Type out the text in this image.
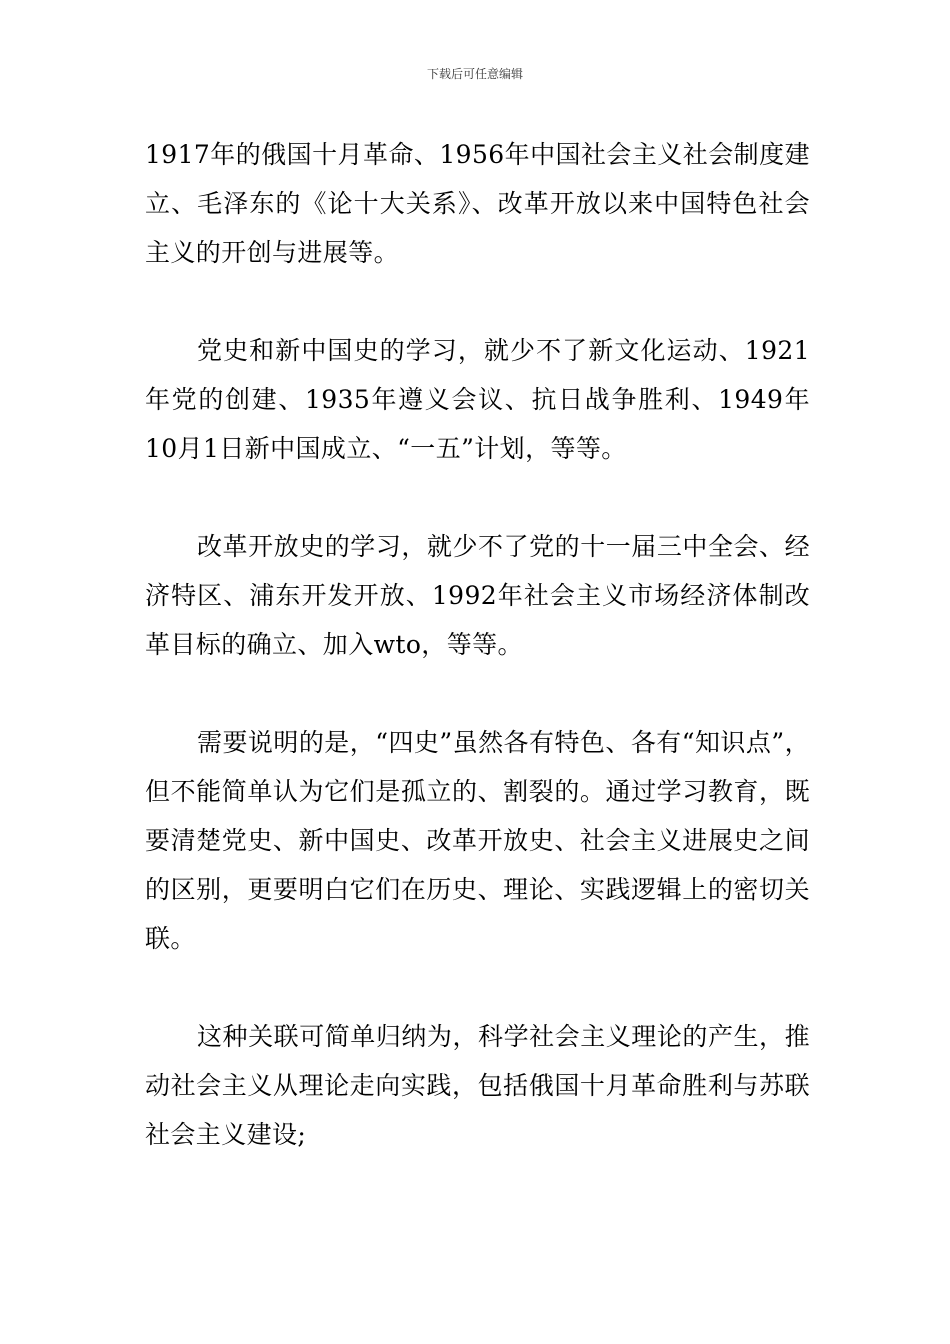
下载后可任意编辑

1917年的俄国十月革命、1956年中国社会主义社会制度建立、毛泽东的《论十大关系》、改革开放以来中国特色社会主义的开创与进展等。

党史和新中国史的学习，就少不了新文化运动、1921年党的创建、1935年遵义会议、抗日战争胜利、1949年10月1日新中国成立、“一五”计划，等等。

改革开放史的学习，就少不了党的十一届三中全会、经济特区、浦东开发开放、1992年社会主义市场经济体制改革目标的确立、加入wto，等等。

需要说明的是，“四史”虽然各有特色、各有“知识点”，但不能简单认为它们是孤立的、割裂的。通过学习教育，既要清楚党史、新中国史、改革开放史、社会主义进展史之间的区别，更要明白它们在历史、理论、实践逻辑上的密切关联。

这种关联可简单归纳为，科学社会主义理论的产生，推动社会主义从理论走向实践，包括俄国十月革命胜利与苏联社会主义建设;
